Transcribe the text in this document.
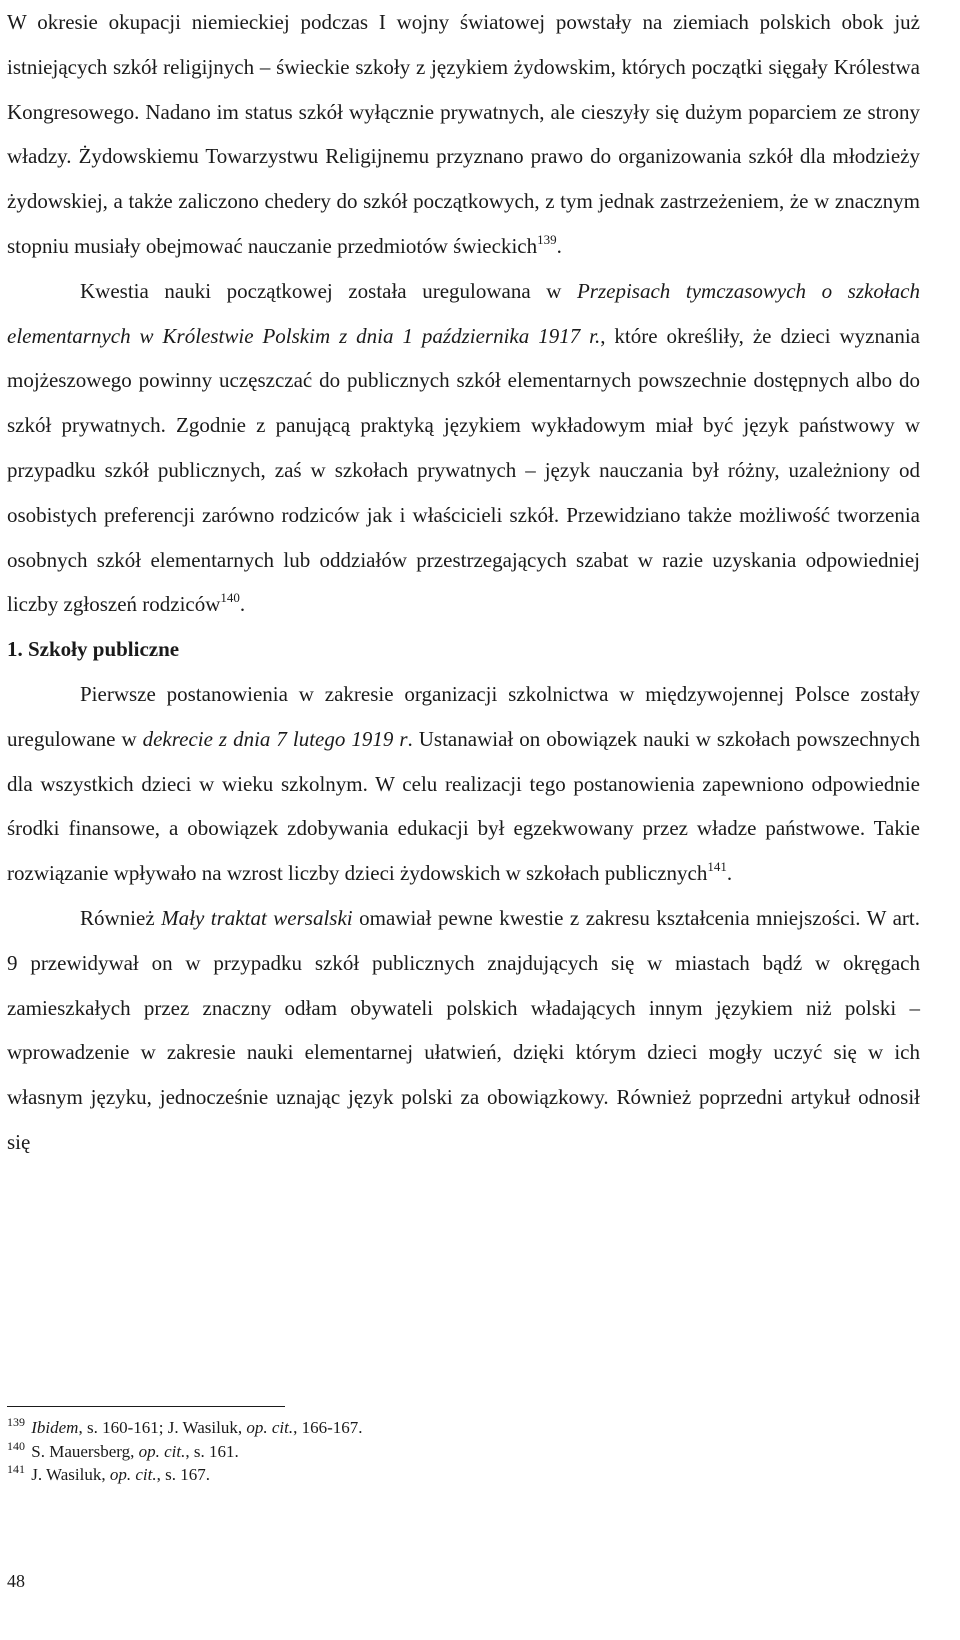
W okresie okupacji niemieckiej podczas I wojny światowej powstały na ziemiach polskich obok już istniejących szkół religijnych – świeckie szkoły z językiem żydowskim, których początki sięgały Królestwa Kongresowego. Nadano im status szkół wyłącznie prywatnych, ale cieszyły się dużym poparciem ze strony władzy. Żydowskiemu Towarzystwu Religijnemu przyznano prawo do organizowania szkół dla młodzieży żydowskiej, a także zaliczono chedery do szkół początkowych, z tym jednak zastrzeżeniem, że w znacznym stopniu musiały obejmować nauczanie przedmiotów świeckich$^{139}$.

Kwestia nauki początkowej została uregulowana w Przepisach tymczasowych o szkołach elementarnych w Królestwie Polskim z dnia 1 października 1917 r., które określiły, że dzieci wyznania mojżeszowego powinny uczęszczać do publicznych szkół elementarnych powszechnie dostępnych albo do szkół prywatnych. Zgodnie z panującą praktyką językiem wykładowym miał być język państwowy w przypadku szkół publicznych, zaś w szkołach prywatnych – język nauczania był różny, uzależniony od osobistych preferencji zarówno rodziców jak i właścicieli szkół. Przewidziano także możliwość tworzenia osobnych szkół elementarnych lub oddziałów przestrzegających szabat w razie uzyskania odpowiedniej liczby zgłoszeń rodziców$^{140}$.

1. Szkoły publiczne

Pierwsze postanowienia w zakresie organizacji szkolnictwa w międzywojennej Polsce zostały uregulowane w dekrecie z dnia 7 lutego 1919 r. Ustanawiał on obowiązek nauki w szkołach powszechnych dla wszystkich dzieci w wieku szkolnym. W celu realizacji tego postanowienia zapewniono odpowiednie środki finansowe, a obowiązek zdobywania edukacji był egzekwowany przez władze państwowe. Takie rozwiązanie wpływało na wzrost liczby dzieci żydowskich w szkołach publicznych$^{141}$.

Również Mały traktat wersalski omawiał pewne kwestie z zakresu kształcenia mniejszości. W art. 9 przewidywał on w przypadku szkół publicznych znajdujących się w miastach bądź w okręgach zamieszkałych przez znaczny odłam obywateli polskich władających innym językiem niż polski – wprowadzenie w zakresie nauki elementarnej ułatwień, dzięki którym dzieci mogły uczyć się w ich własnym języku, jednocześnie uznając język polski za obowiązkowy. Również poprzedni artykuł odnosił się

$^{139}$ Ibidem, s. 160-161; J. Wasiluk, op. cit., 166-167.

$^{140}$ S. Mauersberg, op. cit., s. 161.

$^{141}$ J. Wasiluk, op. cit., s. 167.

48
